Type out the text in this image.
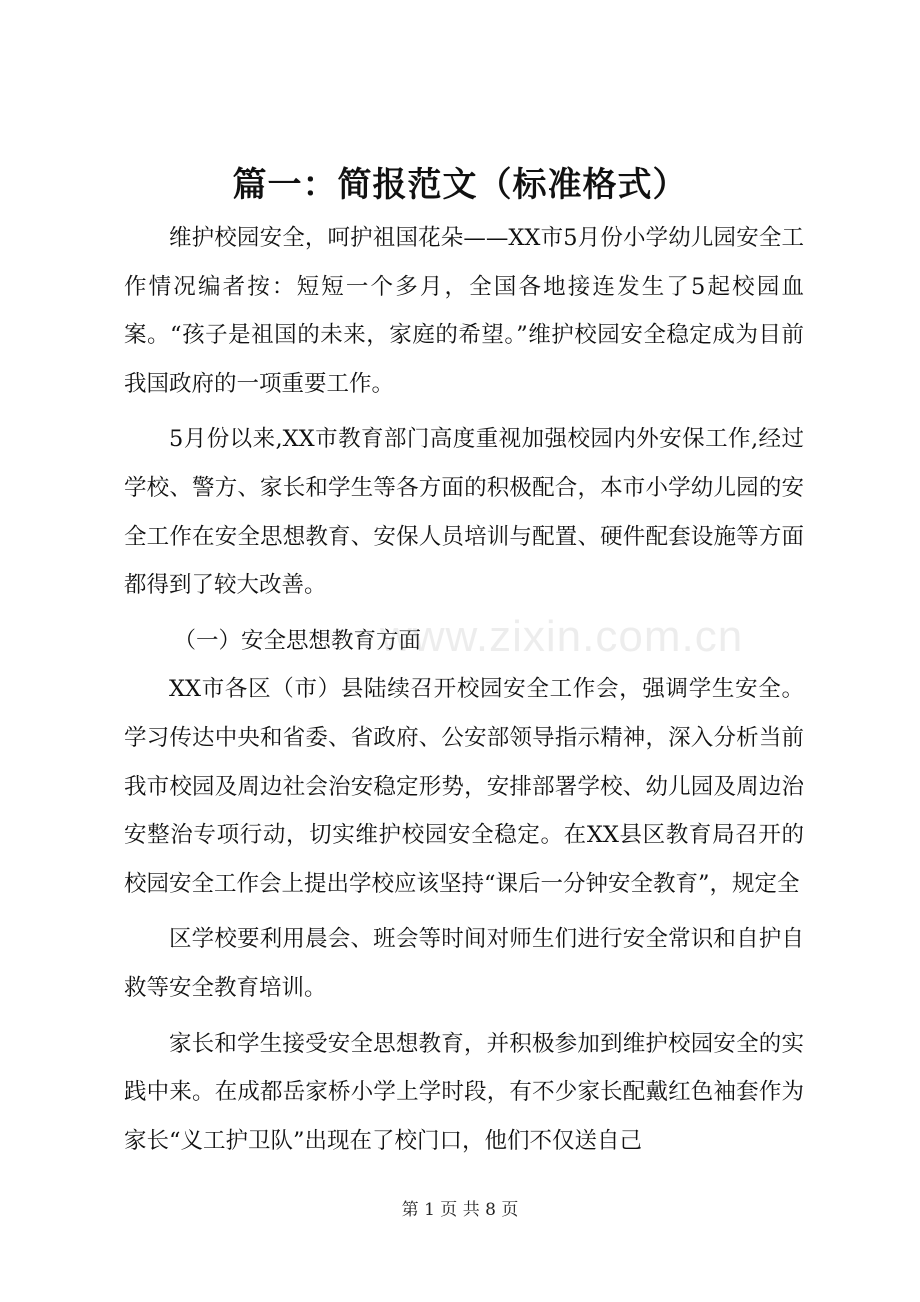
篇一：简报范文（标准格式）

维护校园安全，呵护祖国花朵——XX市5月份小学幼儿园安全工作情况编者按：短短一个多月，全国各地接连发生了5起校园血案。“孩子是祖国的未来，家庭的希望。”维护校园安全稳定成为目前我国政府的一项重要工作。

5月份以来,XX市教育部门高度重视加强校园内外安保工作,经过学校、警方、家长和学生等各方面的积极配合，本市小学幼儿园的安全工作在安全思想教育、安保人员培训与配置、硬件配套设施等方面都得到了较大改善。

（一）安全思想教育方面

XX市各区（市）县陆续召开校园安全工作会，强调学生安全。学习传达中央和省委、省政府、公安部领导指示精神，深入分析当前我市校园及周边社会治安稳定形势，安排部署学校、幼儿园及周边治安整治专项行动，切实维护校园安全稳定。在XX县区教育局召开的校园安全工作会上提出学校应该坚持“课后一分钟安全教育”，规定全

区学校要利用晨会、班会等时间对师生们进行安全常识和自护自救等安全教育培训。

家长和学生接受安全思想教育，并积极参加到维护校园安全的实践中来。在成都岳家桥小学上学时段，有不少家长配戴红色袖套作为家长“义工护卫队”出现在了校门口，他们不仅送自己

www.zixin.com.cn
第 1 页 共 8 页
